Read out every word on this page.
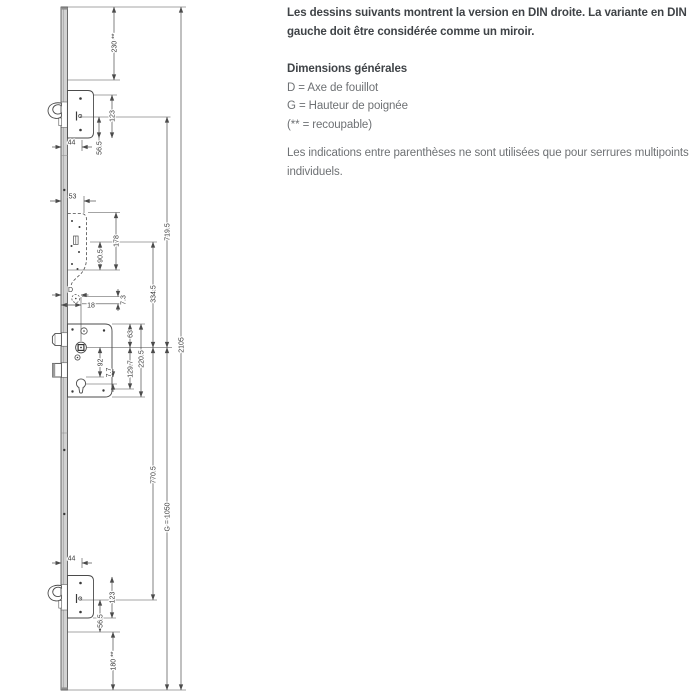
230 **
123
56.5
44
53
178
90.5
719.5
334.5
2105
D
18
7.3
63
220.5
129.7
92
7.7
770.5
G = 1050
44
123
56.5
180 **

Les dessins suivants montrent la version en DIN droite. La variante en DIN gauche doit être considérée comme un miroir.

Dimensions générales

D = Axe de fouillot

G = Hauteur de poignée

(** = recoupable)

Les indications entre parenthèses ne sont utilisées que pour serrures multipoints individuels.
